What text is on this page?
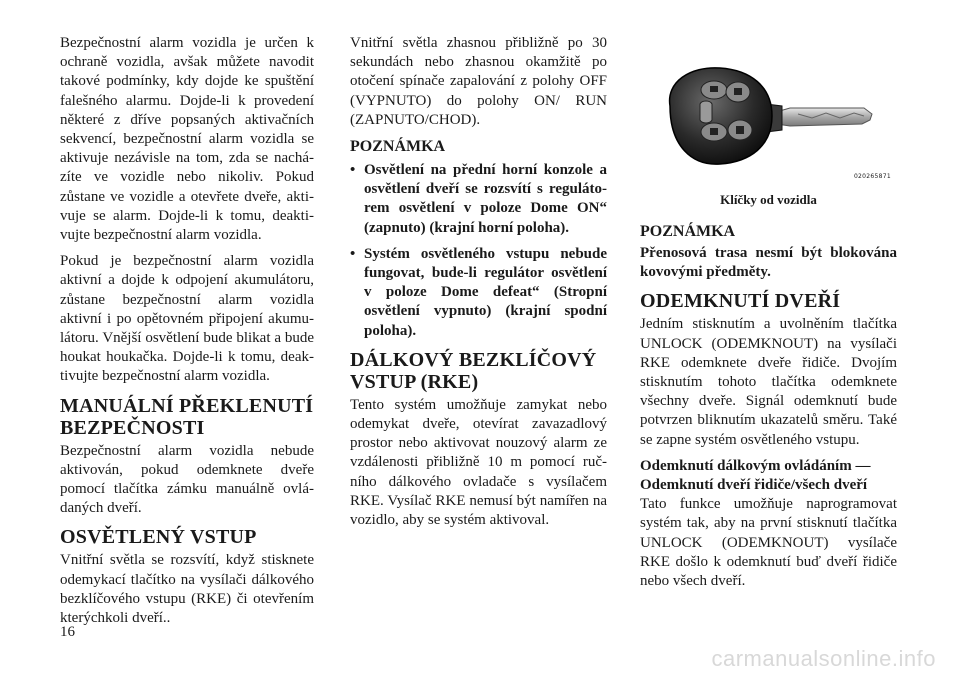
Bezpečnostní alarm vozidla je určen k ochraně vozidla, avšak můžete navodit takové podmínky, kdy dojde ke spuštění falešného alarmu. Dojde-li k provedení některé z dříve popsaných aktivačních sekvencí, bezpečnostní alarm vozidla se aktivuje nezávisle na tom, zda se nacházíte ve vozidle nebo nikoliv. Pokud zůstane ve vozidle a otevřete dveře, aktivuje se alarm. Dojde-li k tomu, deaktivujte bezpečnostní alarm vozidla.

Pokud je bezpečnostní alarm vozidla aktivní a dojde k odpojení akumulátoru, zůstane bezpečnostní alarm vozidla aktivní i po opětovném připojení akumulátoru. Vnější osvětlení bude blikat a bude houkat houkačka. Dojde-li k tomu, deaktivujte bezpečnostní alarm vozidla.

MANUÁLNÍ PŘEKLENUTÍ BEZPEČNOSTI

Bezpečnostní alarm vozidla nebude aktivován, pokud odemknete dveře pomocí tlačítka zámku manuálně ovládaných dveří.

OSVĚTLENÝ VSTUP

Vnitřní světla se rozsvítí, když stisknete odemykací tlačítko na vysílači dálkového bezklíčového vstupu (RKE) či otevřením kterýchkoli dveří..

Vnitřní světla zhasnou přibližně po 30 sekundách nebo zhasnou okamžitě po otočení spínače zapalování z polohy OFF (VYPNUTO) do polohy ON/ RUN (ZAPNUTO/CHOD).

POZNÁMKA
• Osvětlení na přední horní konzole a osvětlení dveří se rozsvítí s regulátorem osvětlení v poloze Dome ON“ (zapnuto) (krajní horní poloha).
• Systém osvětleného vstupu nebude fungovat, bude-li regulátor osvětlení v poloze Dome defeat“ (Stropní osvětlení vypnuto) (krajní spodní poloha).
DÁLKOVÝ BEZKLÍČOVÝ VSTUP (RKE)

Tento systém umožňuje zamykat nebo odemykat dveře, otevírat zavazadlový prostor nebo aktivovat nouzový alarm ze vzdálenosti přibližně 10 m pomocí ručního dálkového ovladače s vysílačem RKE. Vysílač RKE nemusí být namířen na vozidlo, aby se systém aktivoval.

020265871
Klíčky od vozidla
POZNÁMKA

Přenosová trasa nesmí být blokována kovovými předměty.

ODEMKNUTÍ DVEŘÍ

Jedním stisknutím a uvolněním tlačítka UNLOCK (ODEMKNOUT) na vysílači RKE odemknete dveře řidiče. Dvojím stisknutím tohoto tlačítka odemknete všechny dveře. Signál odemknutí bude potvrzen bliknutím ukazatelů směru. Také se zapne systém osvětleného vstupu.

Odemknutí dálkovým ovládáním —

Odemknutí dveří řidiče/všech dveří

Tato funkce umožňuje naprogramovat systém tak, aby na první stisknutí tlačítka UNLOCK (ODEMKNOUT) vysílače RKE došlo k odemknutí buď dveří řidiče nebo všech dveří.

16
carmanualsonline.info
